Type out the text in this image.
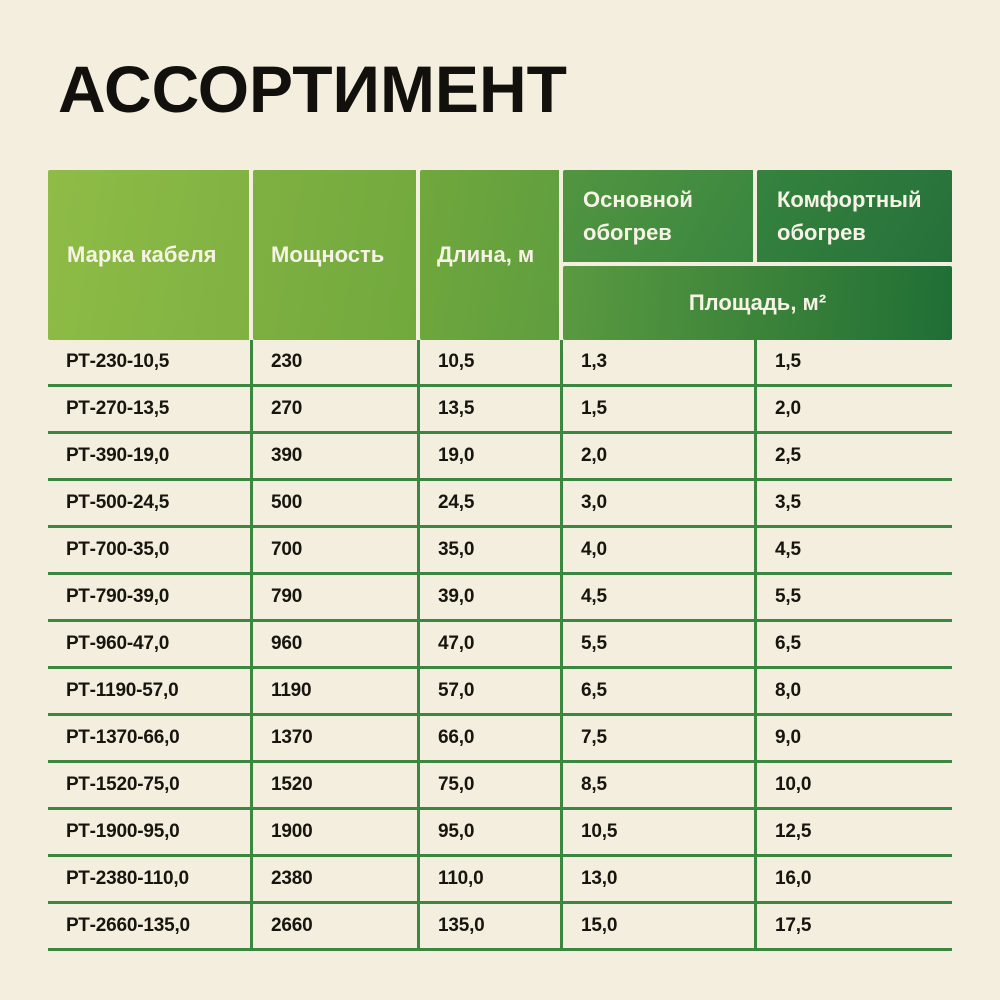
АССОРТИМЕНТ
Марка кабеля	Мощность	Длина, м
Основной обогрев
Комфортный обогрев
Площадь, м²
РТ-230-10,5	230	10,5	1,3	1,5
РТ-270-13,5	270	13,5	1,5	2,0
РТ-390-19,0	390	19,0	2,0	2,5
РТ-500-24,5	500	24,5	3,0	3,5
РТ-700-35,0	700	35,0	4,0	4,5
РТ-790-39,0	790	39,0	4,5	5,5
РТ-960-47,0	960	47,0	5,5	6,5
РТ-1190-57,0	1190	57,0	6,5	8,0
РТ-1370-66,0	1370	66,0	7,5	9,0
РТ-1520-75,0	1520	75,0	8,5	10,0
РТ-1900-95,0	1900	95,0	10,5	12,5
РТ-2380-110,0	2380	110,0	13,0	16,0
РТ-2660-135,0	2660	135,0	15,0	17,5
